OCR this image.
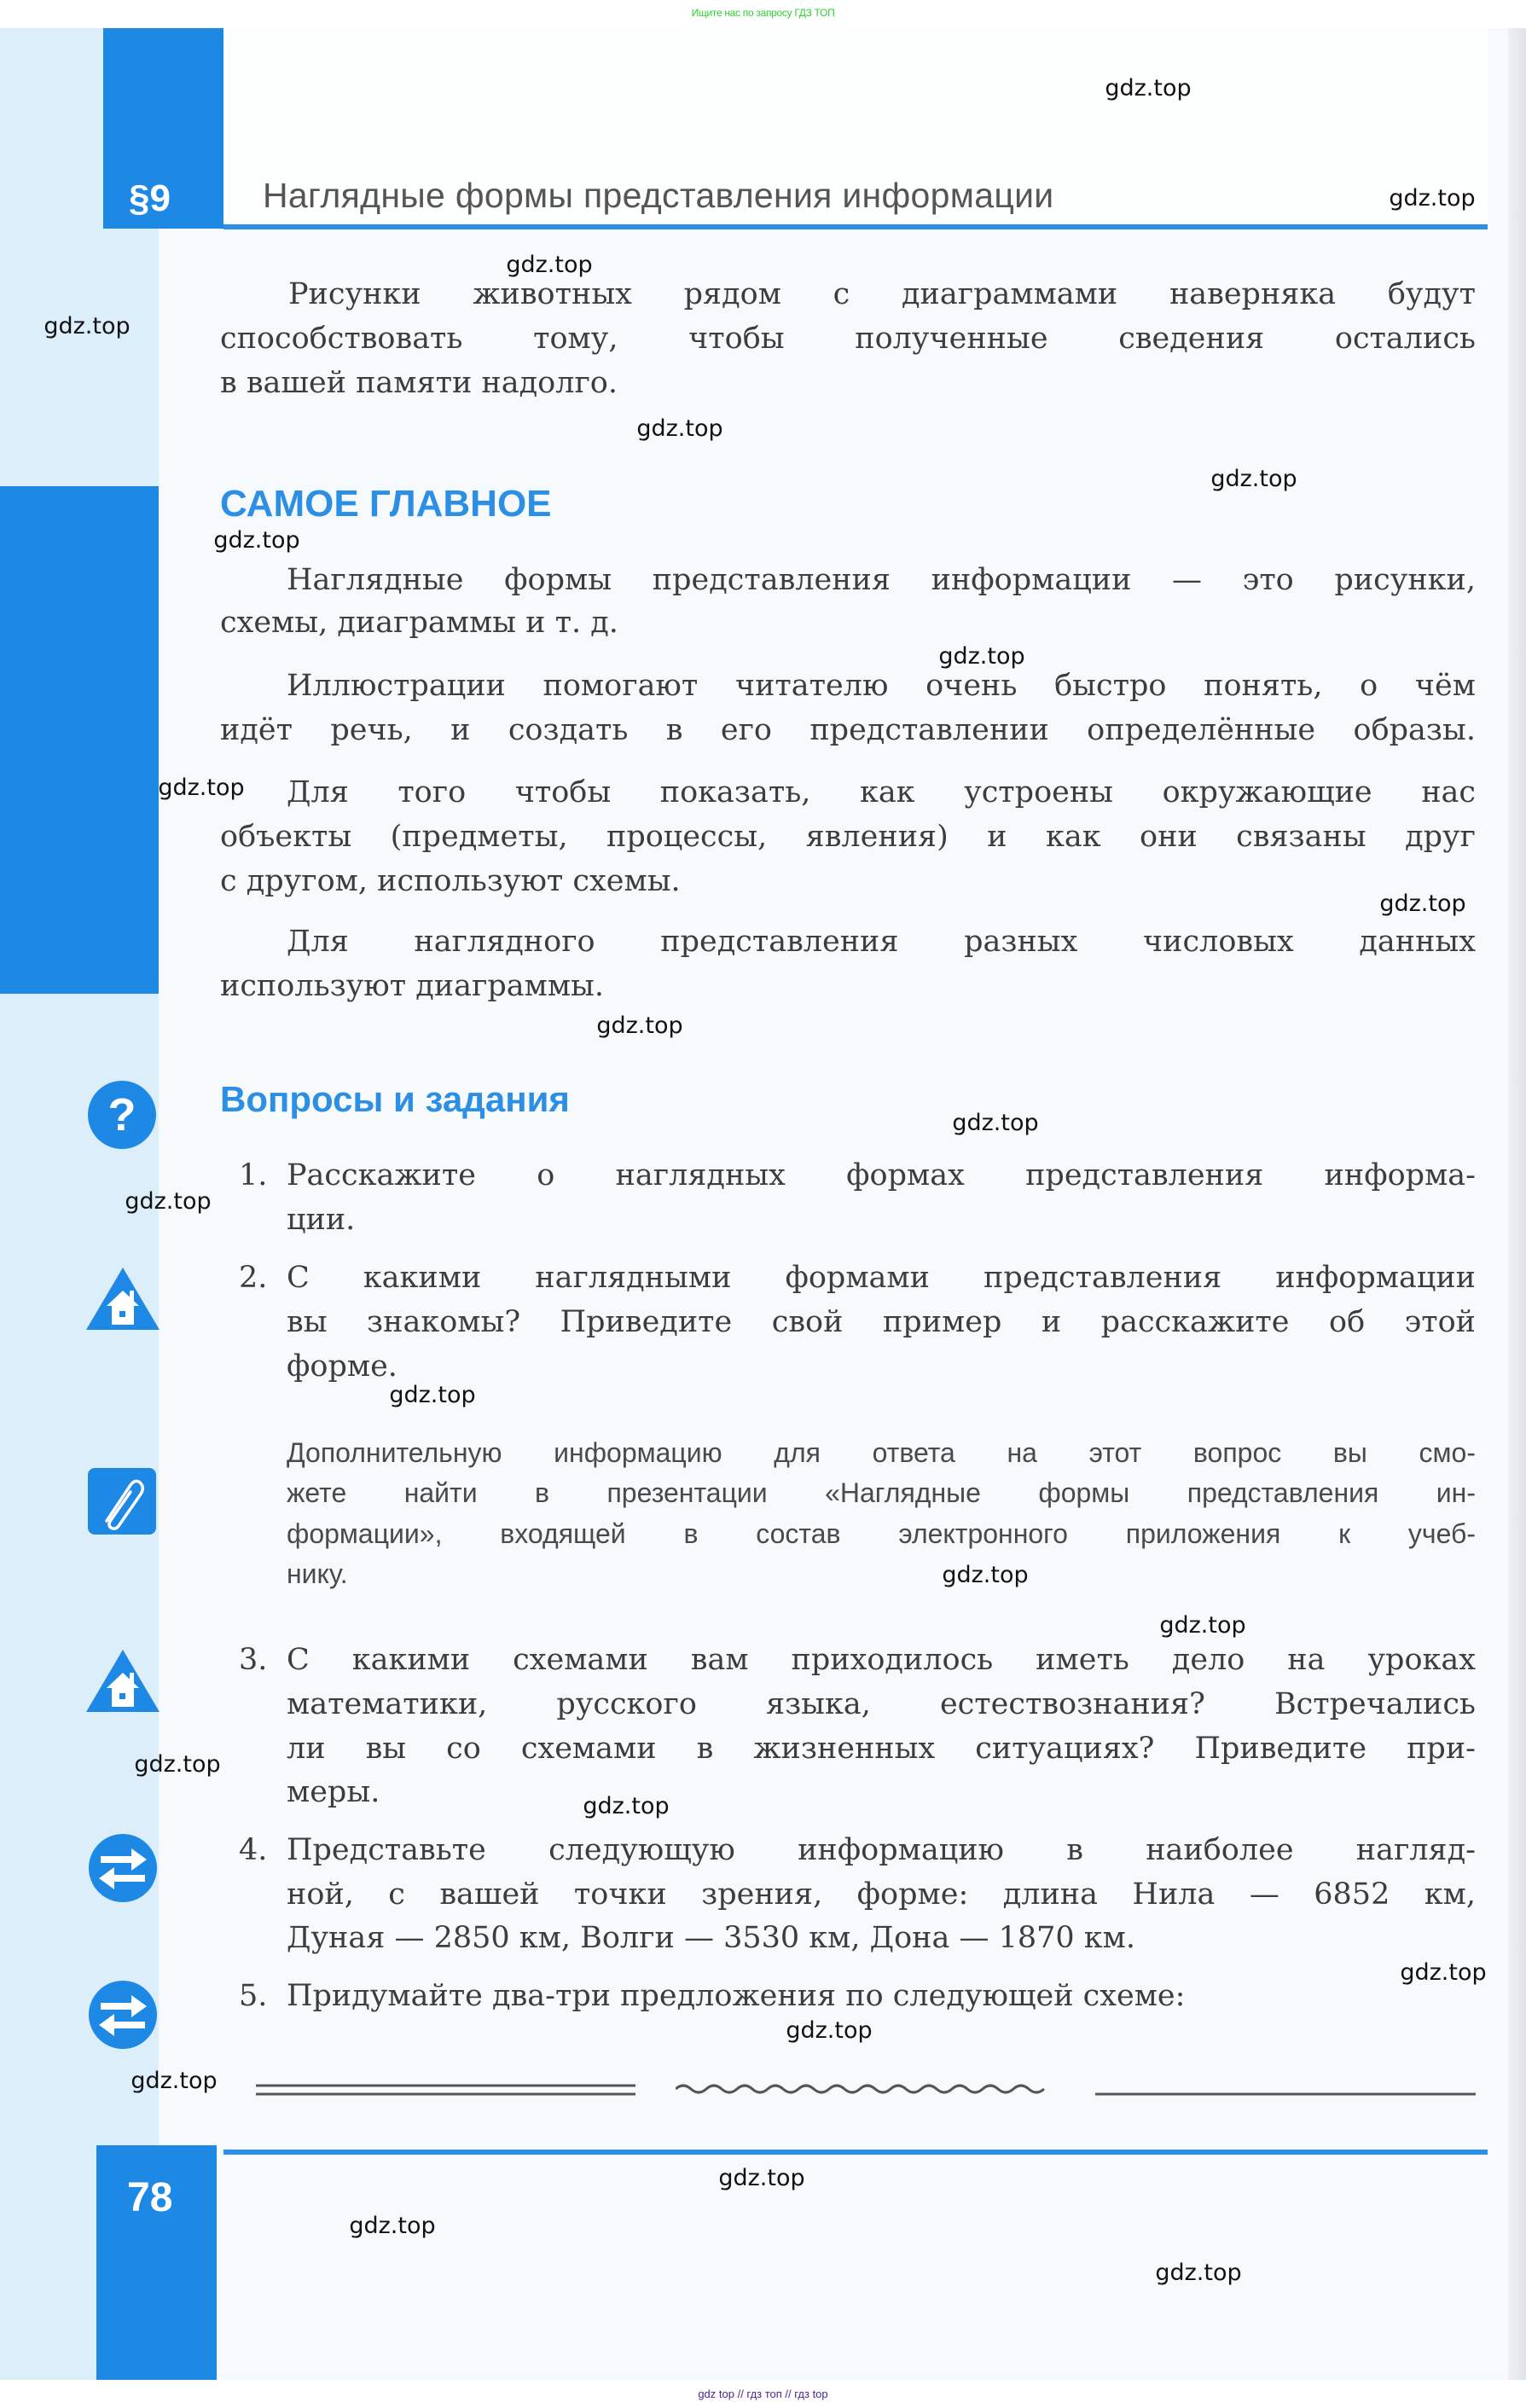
Ищите нас по запросу ГДЗ ТОП
§9	Наглядные формы представления информации
Рисунки животных рядом с диаграммами наверняка будут
способствовать тому, чтобы полученные сведения остались
в вашей памяти надолго.
САМОЕ ГЛАВНОЕ
Наглядные формы представления информации — это рисунки,
схемы, диаграммы и т. д.
Иллюстрации помогают читателю очень быстро понять, о чём
идёт речь, и создать в его представлении определённые образы.
Для того чтобы показать, как устроены окружающие нас
объекты (предметы, процессы, явления) и как они связаны друг
с другом, используют схемы.
Для наглядного представления разных числовых данных
используют диаграммы.
? Вопросы и задания
1. Расскажите о наглядных формах представления информа-
ции.
2. С какими наглядными формами представления информации
вы знакомы? Приведите свой пример и расскажите об этой
форме.
Дополнительную информацию для ответа на этот вопрос вы смо-
жете найти в презентации «Наглядные формы представления ин-
формации», входящей в состав электронного приложения к учеб-
нику.
3. С какими схемами вам приходилось иметь дело на уроках
математики, русского языка, естествознания? Встречались
ли вы со схемами в жизненных ситуациях? Приведите при-
меры.
4. Представьте следующую информацию в наиболее нагляд-
ной, с вашей точки зрения, форме: длина Нила — 6852 км,
Дуная — 2850 км, Волги — 3530 км, Дона — 1870 км.
5. Придумайте два-три предложения по следующей схеме:
78
gdz.top
gdz.top
gdz.top
gdz.top
gdz.top
gdz.top
gdz.top
gdz.top
gdz.top
gdz.top
gdz.top
gdz.top
gdz.top
gdz.top
gdz.top
gdz.top
gdz.top
gdz.top
gdz.top
gdz.top
gdz.top
gdz.top
gdz.top
gdz.top
gdz top // гдз топ // гдз top
